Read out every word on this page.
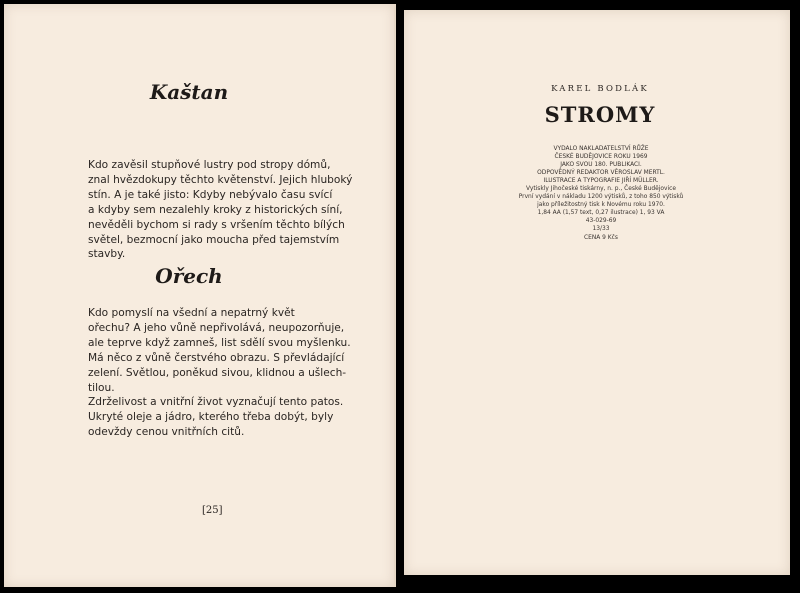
Kaštan
Kdo zavěsil stupňové lustry pod stropy dómů,
znal hvězdokupy těchto květenství. Jejich hluboký
stín. A je také jisto: Kdyby nebývalo času svící
a kdyby sem nezalehly kroky z historických síní,
nevěděli bychom si rady s vršením těchto bílých
světel, bezmocní jako moucha před tajemstvím
stavby.
Ořech
Kdo pomyslí na všední a nepatrný květ
ořechu? A jeho vůně nepřivolává, neupozorňuje,
ale teprve když zamneš, list sdělí svou myšlenku.
Má něco z vůně čerstvého obrazu. S převládající
zelení. Světlou, poněkud sivou, klidnou a ušlech-
tilou.
Zdrželivost a vnitřní život vyznačují tento patos.
Ukryté oleje a jádro, kterého třeba dobýt, byly
odevždy cenou vnitřních citů.

[25]

KAREL BODLÁK

STROMY
VYDALO NAKLADATELSTVÍ RŮŽE
ČESKÉ BUDĚJOVICE ROKU 1969
JAKO SVOU 180. PUBLIKACI.
ODPOVĚDNÝ REDAKTOR VĚROSLAV MERTL.
ILUSTRACE A TYPOGRAFIE JIŘÍ MÜLLER.
Vytiskly Jihočeské tiskárny, n. p., České Budějovice
První vydání v nákladu 1200 výtisků, z toho 850 výtisků
jako příležitostný tisk k Novému roku 1970.
1,84 AA (1,57 text, 0,27 ilustrace) 1, 93 VA
43-029-69
13/33
CENA 9 Kčs
